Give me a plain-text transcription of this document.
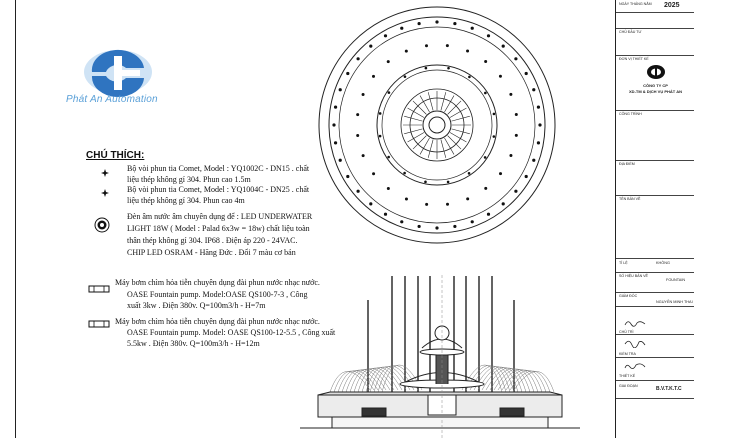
Phát An Automation
CHÚ THÍCH:
Bộ vòi phun tia Comet, Model : YQ1002C - DN15 . chất
liệu thép không gỉ 304. Phun cao 1.5m
Bộ vòi phun tia Comet, Model : YQ1004C - DN25 . chất
liệu thép không gỉ 304. Phun cao 4m
Đèn âm nước âm chuyên dụng để : LED UNDERWATER
LIGHT 18W ( Model : Palad 6x3w = 18w) chất liệu toàn
thân thép không gỉ 304. IP68 . Điện áp 220 - 24VAC.
CHIP LED OSRAM - Hãng Đức . Đổi 7 màu cơ bản
Máy bơm chìm hỏa tiễn chuyên dụng đài phun nước nhạc nước.
OASE Fountain pump. Model:OASE QS100-7-3 , Công
xuất 3kw . Điện 380v. Q=100m3/h - H=7m
Máy bơm chìm hỏa tiễn chuyên dụng đài phun nước nhạc nước.
OASE Fountain pump. Model: OASE QS100-12-5.5 , Công xuất
5.5kw . Điện 380v. Q=100m3/h - H=12m
NGÀY THÁNG NĂM 2025
CHỦ ĐẦU TƯ
ĐƠN VỊ THIẾT KẾ
CÔNG TY CP
XD-TM & DỊCH VỤ PHÁT AN
CÔNG TRÌNH
ĐỊA ĐIỂM
TÊN BẢN VẼ
TỈ LỆ	KHÔNG
SỐ HIỆU BẢN VẼ
FOUNTAIN
GIÁM ĐỐC
NGUYỄN MINH THAI
CHỦ TRÌ
KIỂM TRA
THIẾT KẾ
GIAI ĐOẠN	B.V.T.K.T.C
